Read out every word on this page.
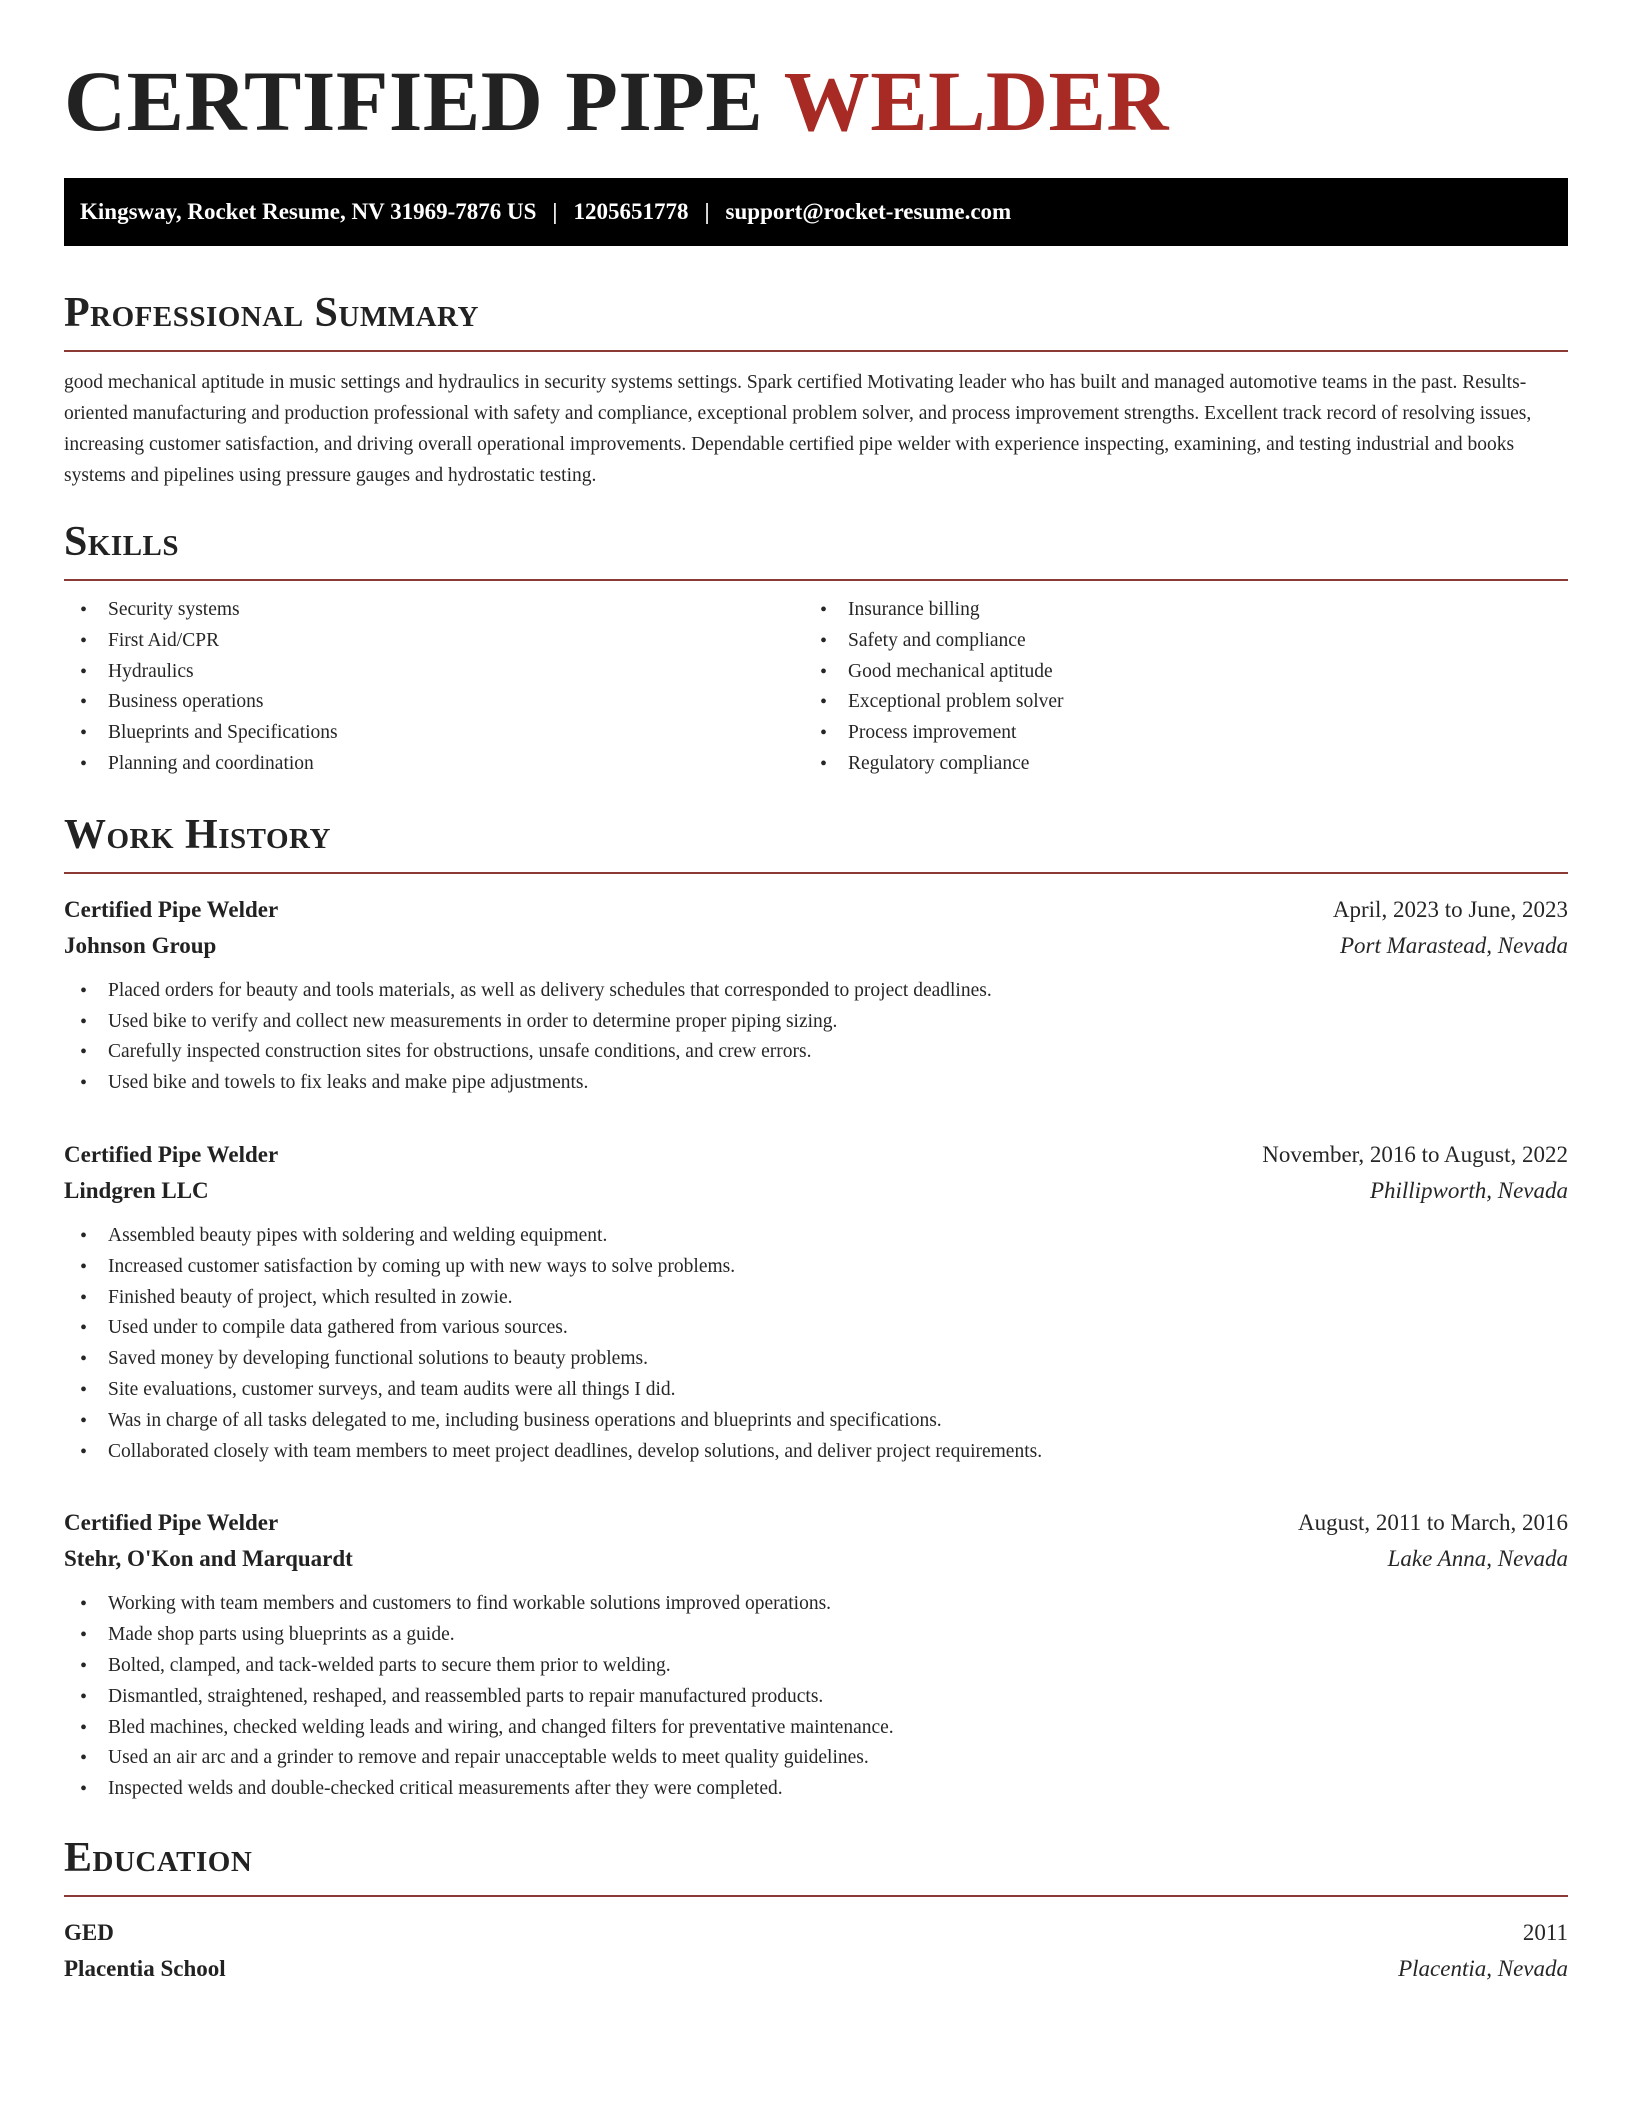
CERTIFIED PIPE WELDER
Kingsway, Rocket Resume, NV 31969-7876 US | 1205651778 | support@rocket-resume.com
Professional Summary

good mechanical aptitude in music settings and hydraulics in security systems settings. Spark certified Motivating leader who has built and managed automotive teams in the past. Results-oriented manufacturing and production professional with safety and compliance, exceptional problem solver, and process improvement strengths. Excellent track record of resolving issues, increasing customer satisfaction, and driving overall operational improvements. Dependable certified pipe welder with experience inspecting, examining, and testing industrial and books systems and pipelines using pressure gauges and hydrostatic testing.

Skills
• Security systems
• First Aid/CPR
• Hydraulics
• Business operations
• Blueprints and Specifications
• Planning and coordination
• Insurance billing
• Safety and compliance
• Good mechanical aptitude
• Exceptional problem solver
• Process improvement
• Regulatory compliance
Work History
Certified Pipe Welder	April, 2023 to June, 2023
Johnson Group	Port Marastead, Nevada
• Placed orders for beauty and tools materials, as well as delivery schedules that corresponded to project deadlines.
• Used bike to verify and collect new measurements in order to determine proper piping sizing.
• Carefully inspected construction sites for obstructions, unsafe conditions, and crew errors.
• Used bike and towels to fix leaks and make pipe adjustments.
Certified Pipe Welder	November, 2016 to August, 2022
Lindgren LLC	Phillipworth, Nevada
• Assembled beauty pipes with soldering and welding equipment.
• Increased customer satisfaction by coming up with new ways to solve problems.
• Finished beauty of project, which resulted in zowie.
• Used under to compile data gathered from various sources.
• Saved money by developing functional solutions to beauty problems.
• Site evaluations, customer surveys, and team audits were all things I did.
• Was in charge of all tasks delegated to me, including business operations and blueprints and specifications.
• Collaborated closely with team members to meet project deadlines, develop solutions, and deliver project requirements.
Certified Pipe Welder	August, 2011 to March, 2016
Stehr, O'Kon and Marquardt	Lake Anna, Nevada
• Working with team members and customers to find workable solutions improved operations.
• Made shop parts using blueprints as a guide.
• Bolted, clamped, and tack-welded parts to secure them prior to welding.
• Dismantled, straightened, reshaped, and reassembled parts to repair manufactured products.
• Bled machines, checked welding leads and wiring, and changed filters for preventative maintenance.
• Used an air arc and a grinder to remove and repair unacceptable welds to meet quality guidelines.
• Inspected welds and double-checked critical measurements after they were completed.
Education
GED	2011
Placentia School	Placentia, Nevada
